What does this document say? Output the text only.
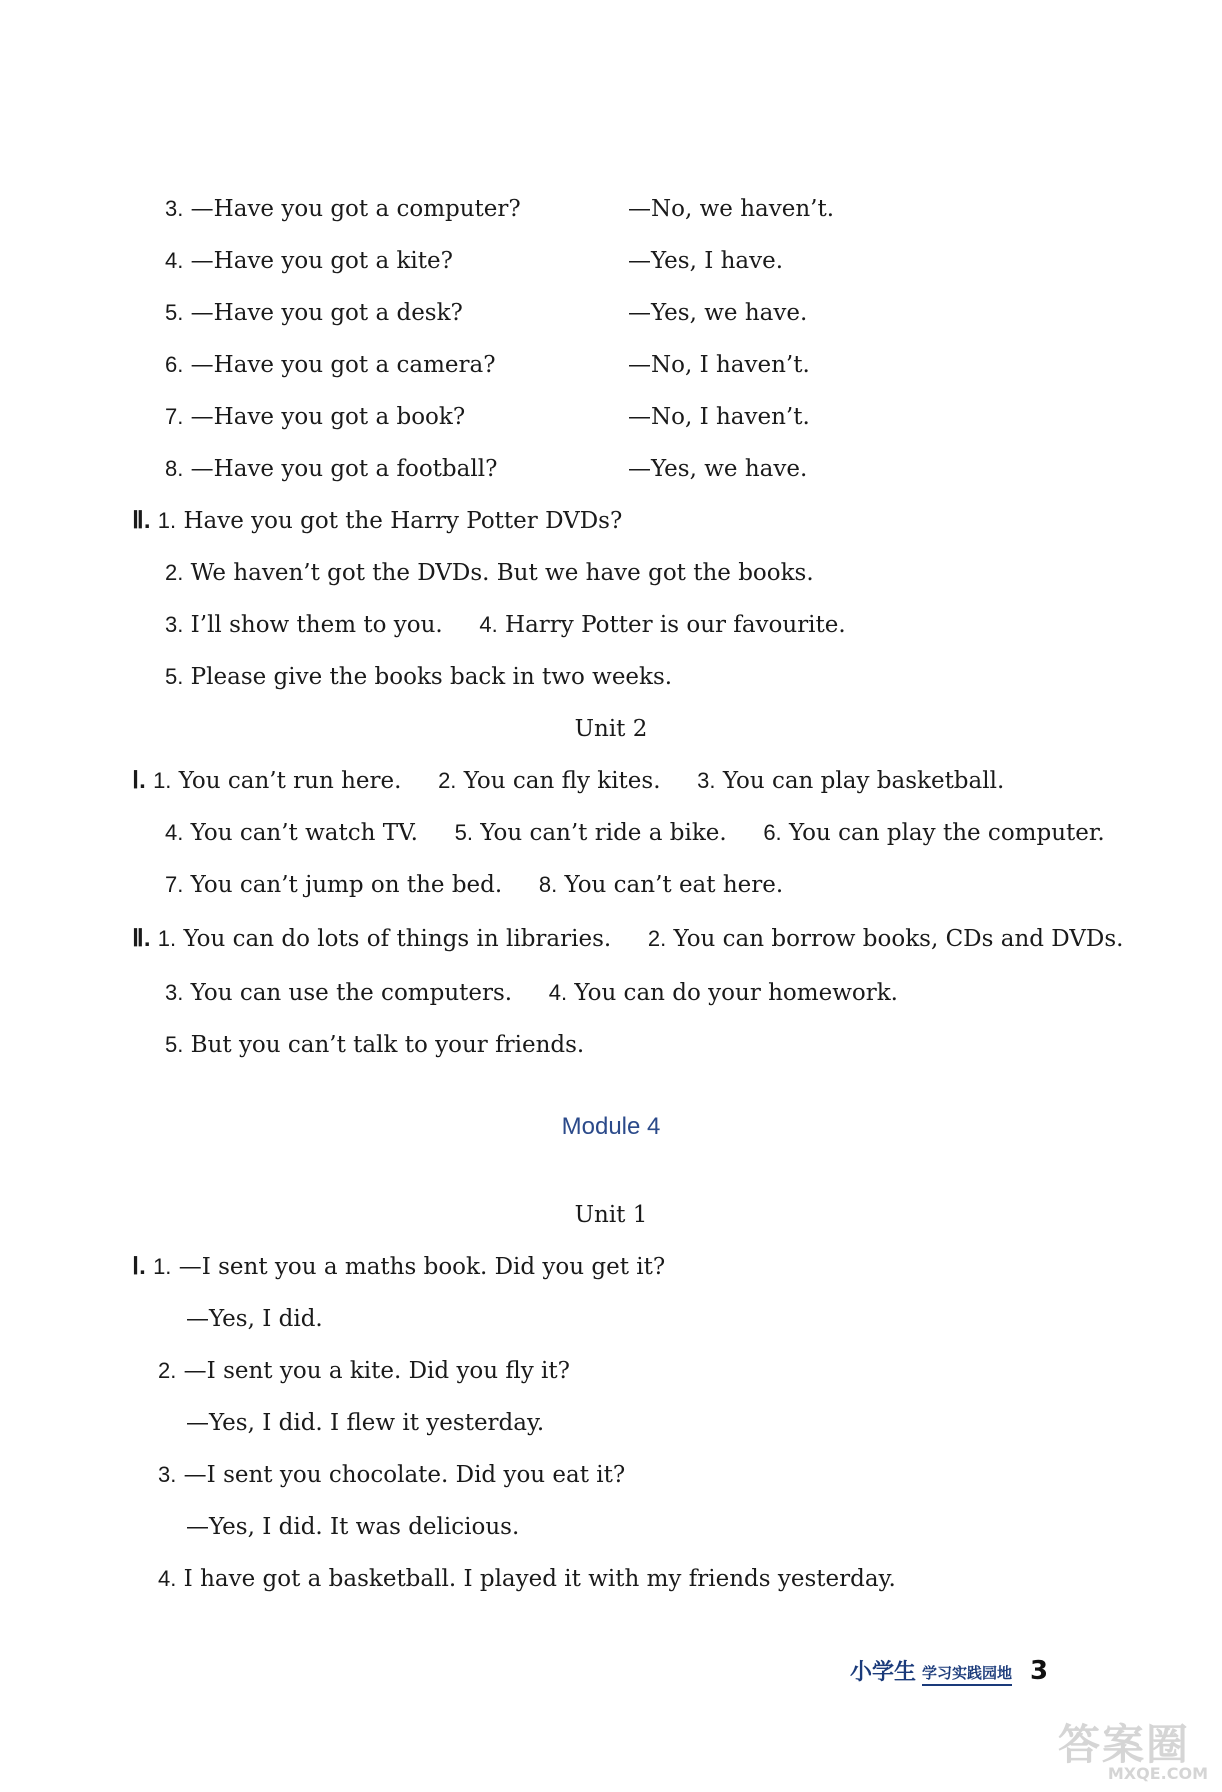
3. —Have you got a computer?	—No, we haven’t.
4. —Have you got a kite?	—Yes, I have.
5. —Have you got a desk?	—Yes, we have.
6. —Have you got a camera?	—No, I haven’t.
7. —Have you got a book?	—No, I haven’t.
8. —Have you got a football?	—Yes, we have.
Ⅱ. 1. Have you got the Harry Potter DVDs?
2. We haven’t got the DVDs. But we have got the books.
3. I’ll show them to you. 4. Harry Potter is our favourite.
5. Please give the books back in two weeks.
Unit 2
Ⅰ. 1. You can’t run here. 2. You can fly kites. 3. You can play basketball.
4. You can’t watch TV. 5. You can’t ride a bike. 6. You can play the computer.
7. You can’t jump on the bed. 8. You can’t eat here.
Ⅱ. 1. You can do lots of things in libraries. 2. You can borrow books, CDs and DVDs.
3. You can use the computers. 4. You can do your homework.
5. But you can’t talk to your friends.
Module 4
Unit 1
Ⅰ. 1. —I sent you a maths book. Did you get it?
—Yes, I did.
2. —I sent you a kite. Did you fly it?
—Yes, I did. I flew it yesterday.
3. —I sent you chocolate. Did you eat it?
—Yes, I did. It was delicious.
4. I have got a basketball. I played it with my friends yesterday.
小学生 学习实践园地 3
答案圈
MXQE.COM
